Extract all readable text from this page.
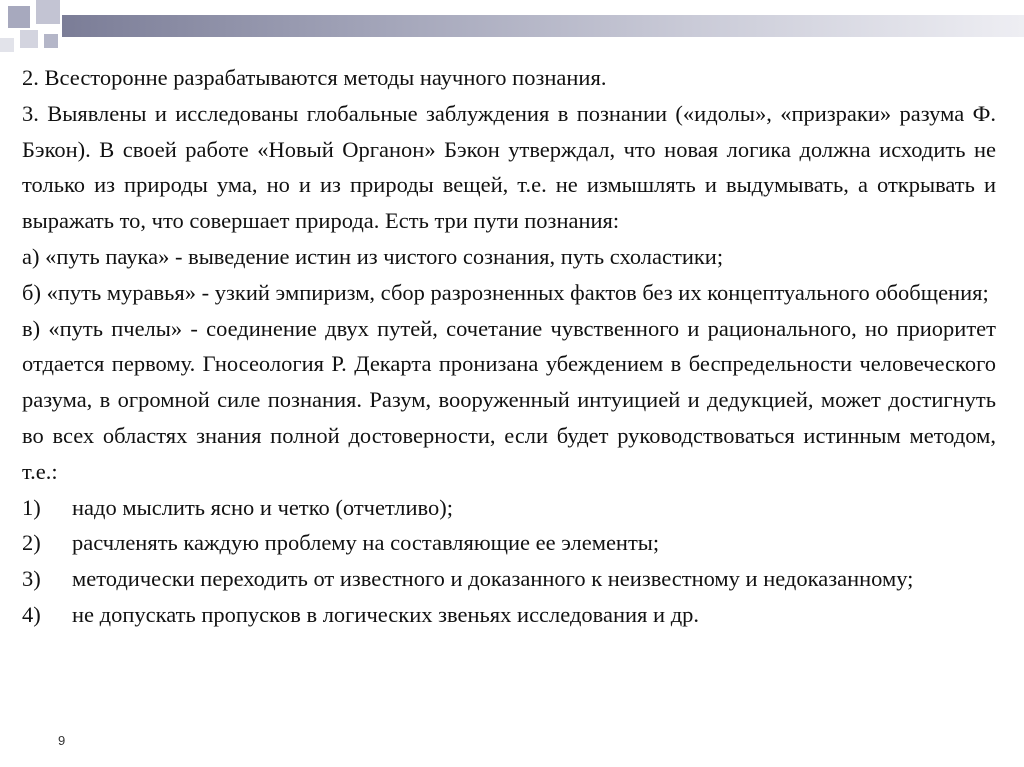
2. Всесторонне разрабатываются методы научного познания.

3. Выявлены и исследованы глобальные заблуждения в познании («идолы», «призраки» разума Ф. Бэкон). В своей работе «Новый Органон» Бэкон утверждал, что новая логика должна исходить не только из природы ума, но и из природы вещей, т.е. не измышлять и выдумывать, а открывать и выражать то, что совершает природа. Есть три пути познания:

а) «путь паука» - выведение истин из чистого сознания, путь схоластики;

б) «путь муравья» - узкий эмпиризм, сбор разрозненных фактов без их концептуального обобщения;

в) «путь пчелы» - соединение двух путей, сочетание чувственного и рационального, но приоритет отдается первому. Гносеология Р. Декарта пронизана убеждением в беспредельности человеческого разума, в огромной силе познания. Разум, вооруженный интуицией и дедукцией, может достигнуть во всех областях знания полной достоверности, если будет руководствоваться истинным методом, т.е.:

1)	надо мыслить ясно и четко (отчетливо);
2)	расчленять каждую проблему на составляющие ее элементы;
3)	методически переходить от известного и доказанного к неизвестному и недоказанному;
4)	не допускать пропусков в логических звеньях исследования и др.
9
